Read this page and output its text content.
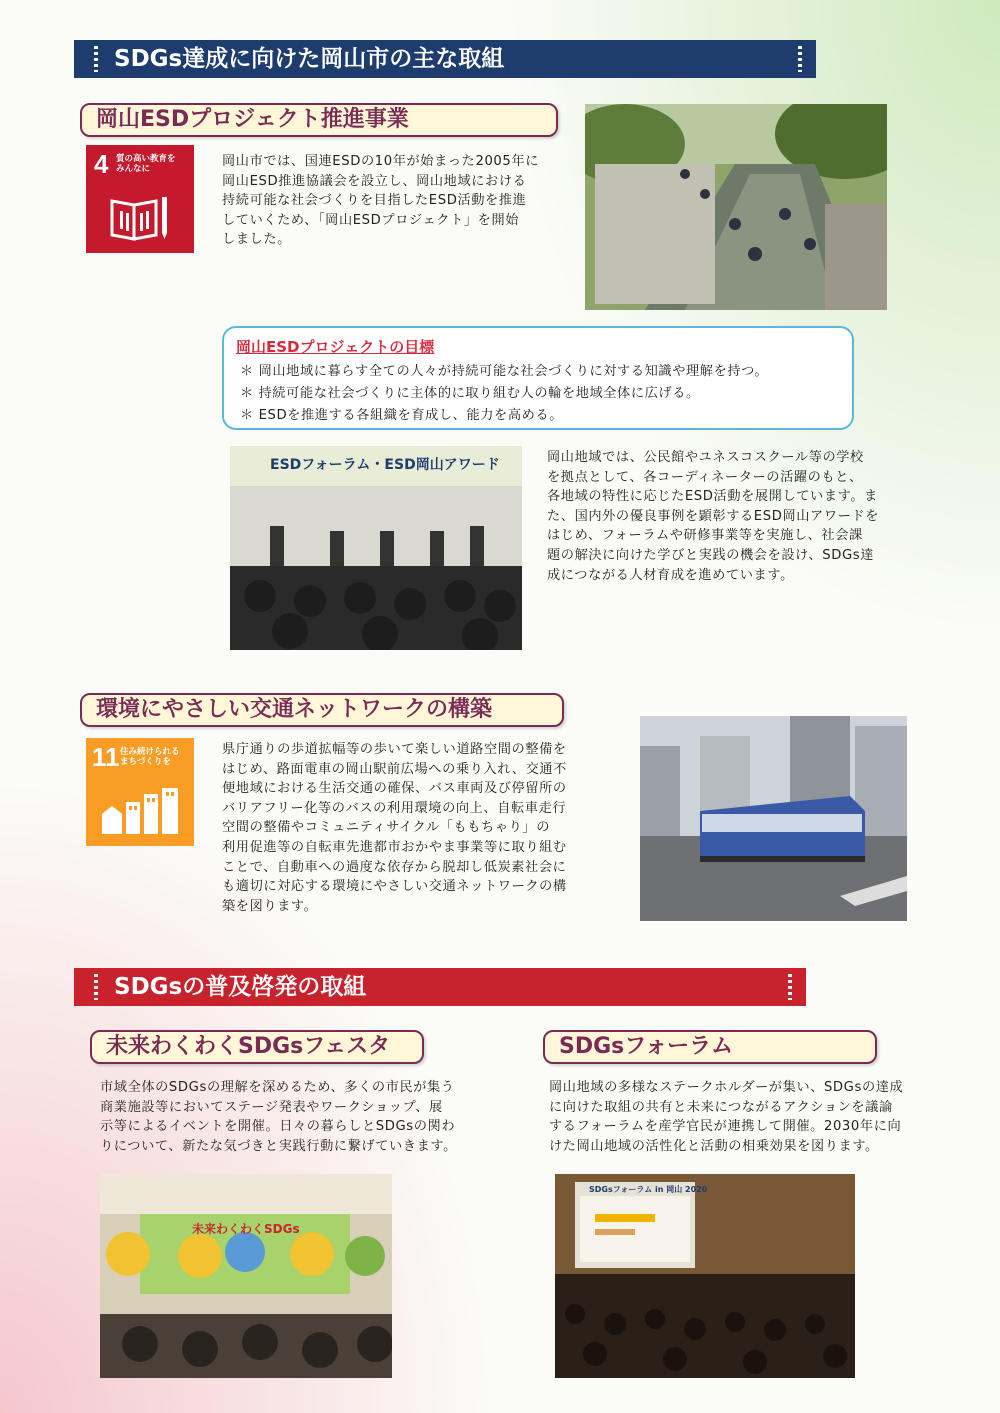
SDGs達成に向けた岡山市の主な取組
岡山ESDプロジェクト推進事業
4 質の高い教育を
みんなに	岡山市では、国連ESDの10年が始まった2005年に
岡山ESD推進協議会を設立し、岡山地域における
持続可能な社会づくりを目指したESD活動を推進
していくため、「岡山ESDプロジェクト」を開始
しました。
岡山ESDプロジェクトの目標
＊ 岡山地域に暮らす全ての人々が持続可能な社会づくりに対する知識や理解を持つ。
＊ 持続可能な社会づくりに主体的に取り組む人の輪を地域全体に広げる。
＊ ESDを推進する各組織を育成し、能力を高める。
ESDフォーラム・ESD岡山アワード	岡山地域では、公民館やユネスコスクール等の学校
を拠点として、各コーディネーターの活躍のもと、
各地域の特性に応じたESD活動を展開しています。ま
た、国内外の優良事例を顕彰するESD岡山アワードを
はじめ、フォーラムや研修事業等を実施し、社会課
題の解決に向けた学びと実践の機会を設け、SDGs達
成につながる人材育成を進めています。
環境にやさしい交通ネットワークの構築
11 住み続けられる
まちづくりを
県庁通りの歩道拡幅等の歩いて楽しい道路空間の整備を
はじめ、路面電車の岡山駅前広場への乗り入れ、交通不
便地域における生活交通の確保、バス車両及び停留所の
バリアフリー化等のバスの利用環境の向上、自転車走行
空間の整備やコミュニティサイクル「ももちゃり」の
利用促進等の自転車先進都市おかやま事業等に取り組む
ことで、自動車への過度な依存から脱却し低炭素社会に
も適切に対応する環境にやさしい交通ネットワークの構
築を図ります。
SDGsの普及啓発の取組
未来わくわくSDGsフェスタ
市域全体のSDGsの理解を深めるため、多くの市民が集う
商業施設等においてステージ発表やワークショップ、展
示等によるイベントを開催。日々の暮らしとSDGsの関わ
りについて、新たな気づきと実践行動に繋げていきます。
未来わくわくSDGs
SDGsフォーラム
岡山地域の多様なステークホルダーが集い、SDGsの達成
に向けた取組の共有と未来につながるアクションを議論
するフォーラムを産学官民が連携して開催。2030年に向
けた岡山地域の活性化と活動の相乗効果を図ります。
SDGsフォーラム in 岡山 2020
